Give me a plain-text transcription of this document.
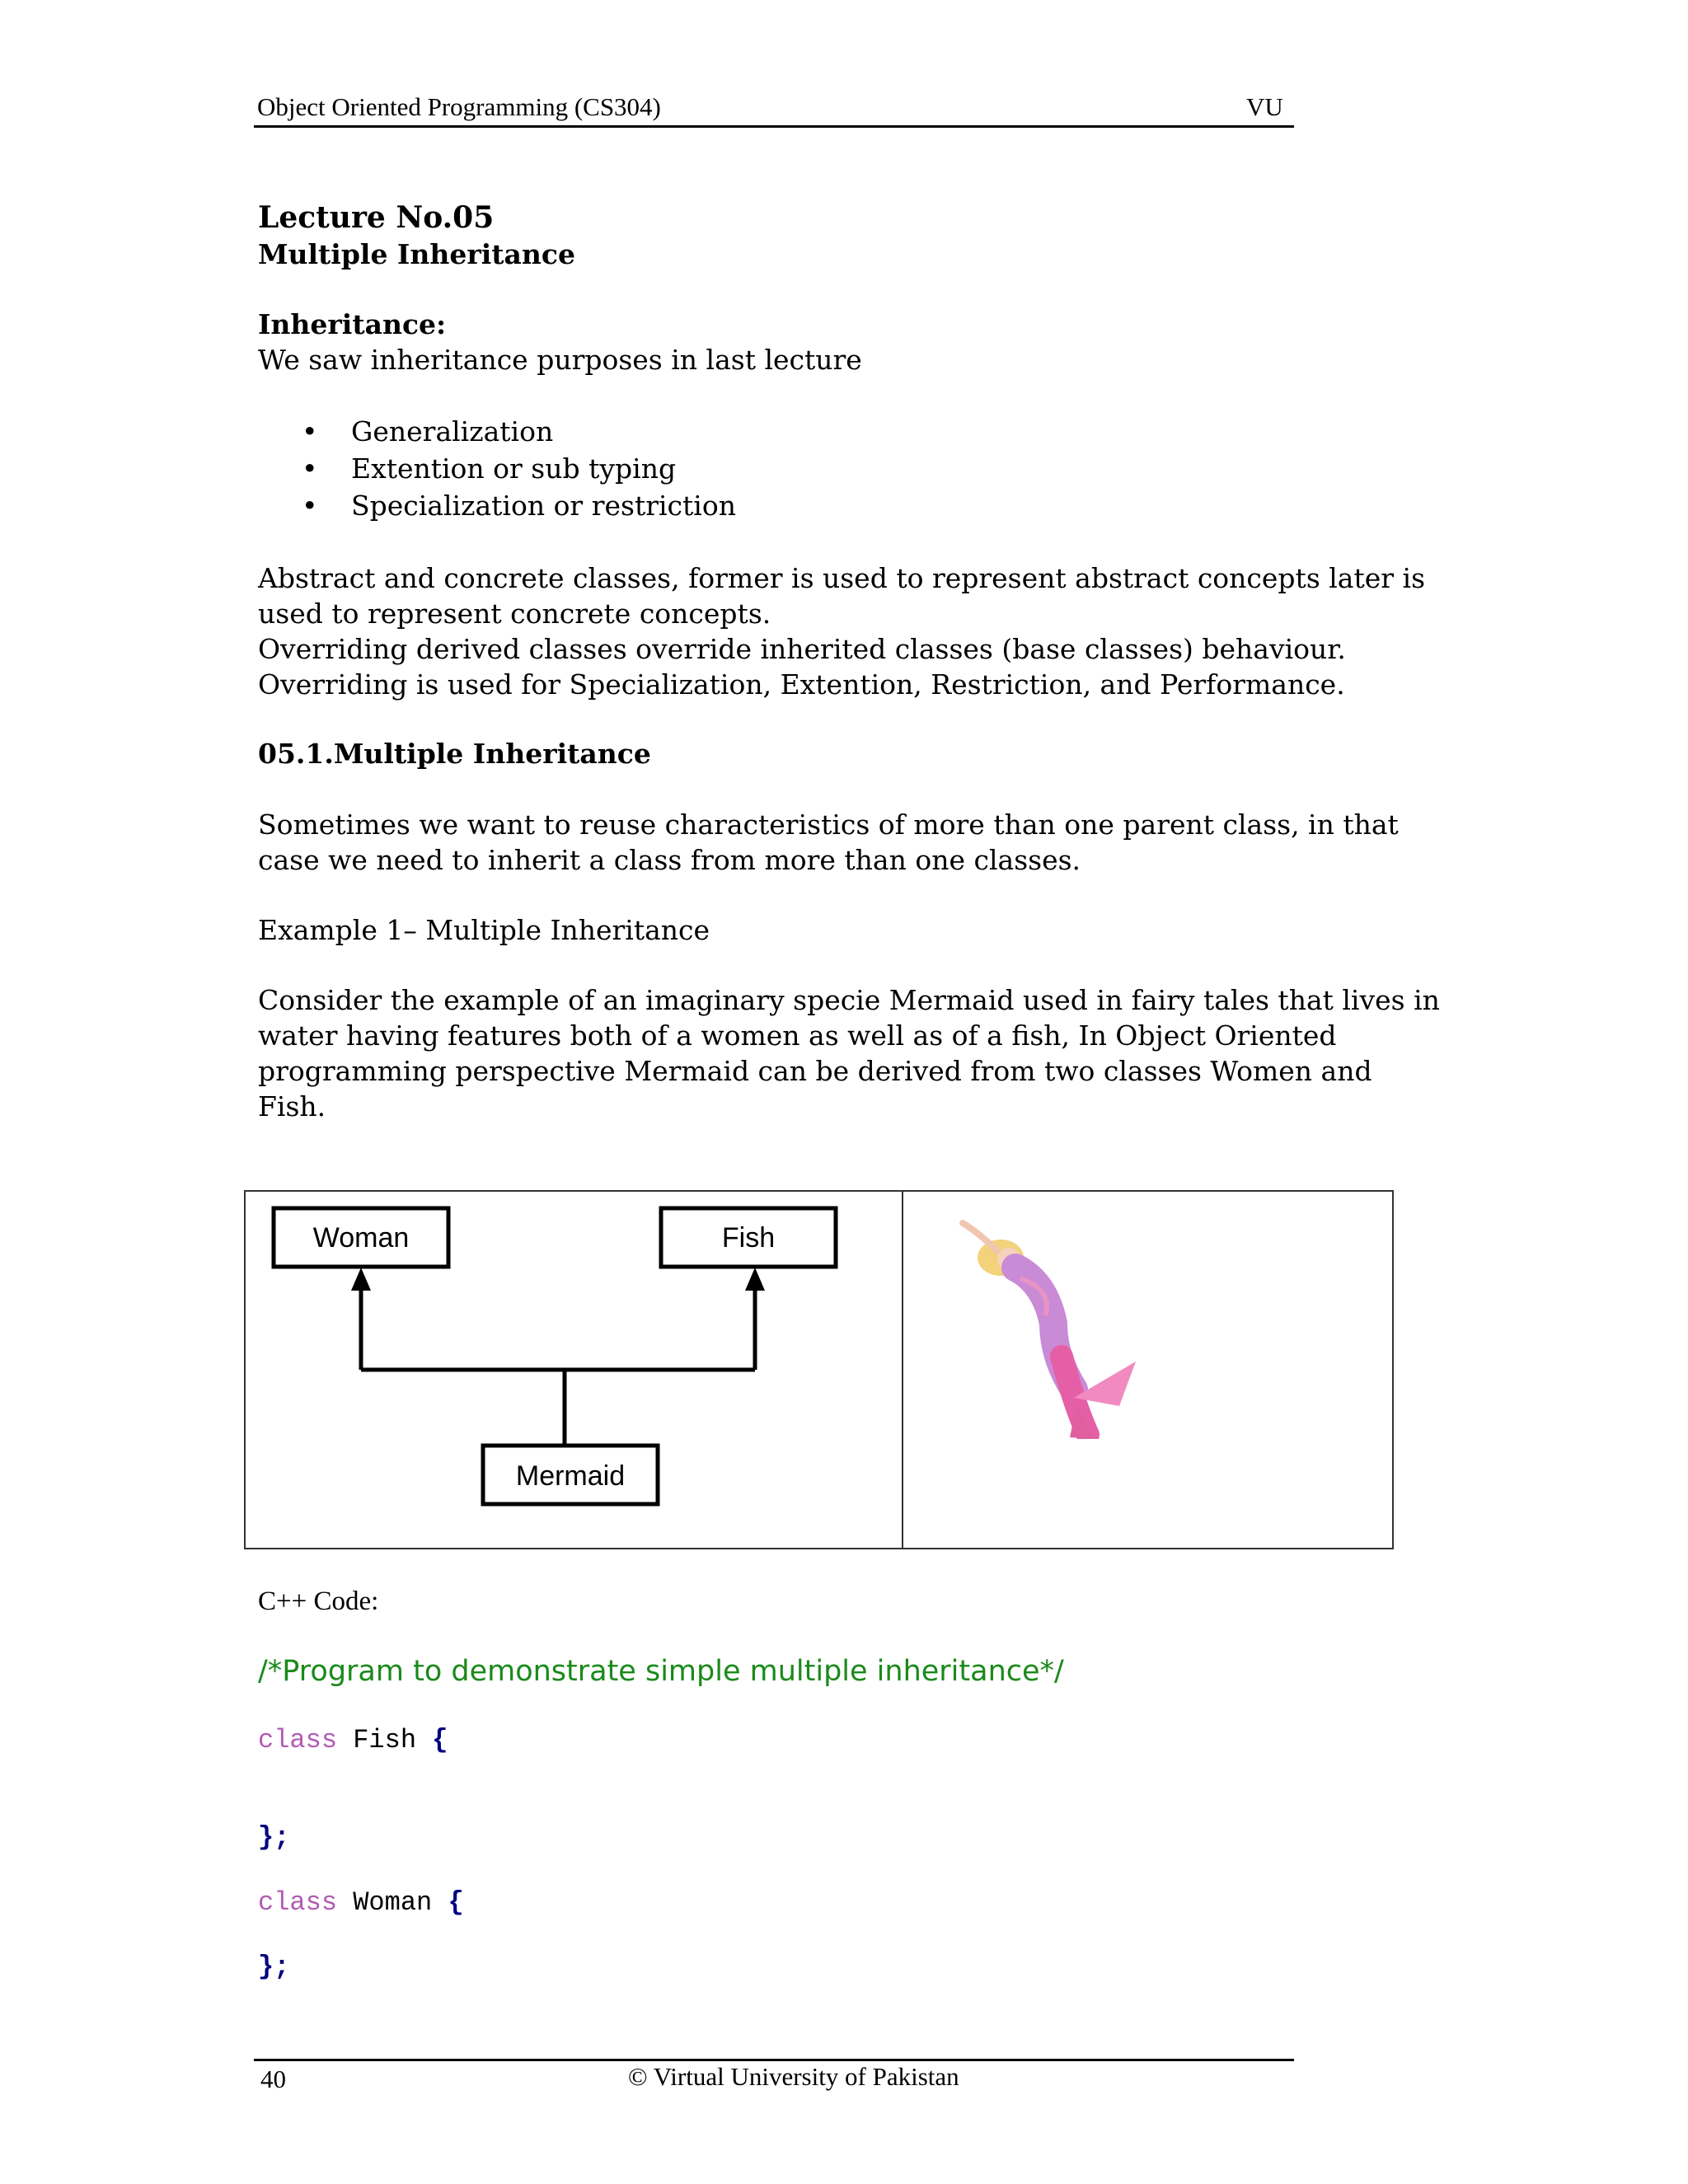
Object Oriented Programming (CS304)	VU
Lecture No.05
Multiple Inheritance
Inheritance:
We saw inheritance purposes in last lecture
• Generalization
• Extention or sub typing
• Specialization or restriction
Abstract and concrete classes, former is used to represent abstract concepts later is
used to represent concrete concepts.
Overriding derived classes override inherited classes (base classes) behaviour.
Overriding is used for Specialization, Extention, Restriction, and Performance.
05.1.Multiple Inheritance
Sometimes we want to reuse characteristics of more than one parent class, in that
case we need to inherit a class from more than one classes.
Example 1– Multiple Inheritance
Consider the example of an imaginary specie Mermaid used in fairy tales that lives in
water having features both of a women as well as of a fish, In Object Oriented
programming perspective Mermaid can be derived from two classes Women and
Fish.
Woman	Fish
Mermaid
C++ Code:
/*Program to demonstrate simple multiple inheritance*/
class Fish {
};
class Woman {
};
40	© Virtual University of Pakistan
